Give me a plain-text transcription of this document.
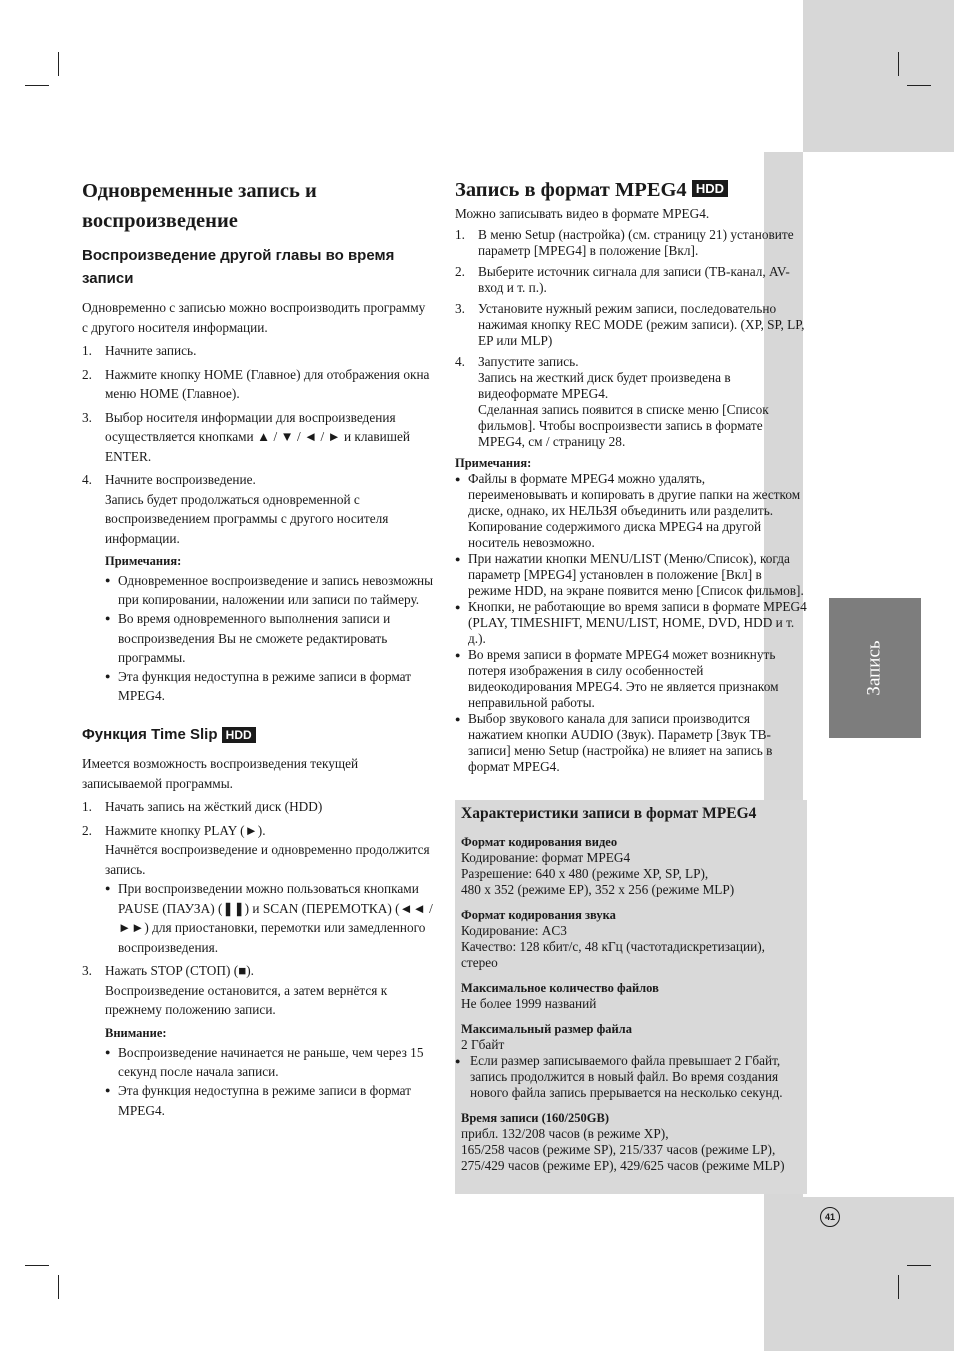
Запись
Одновременные запись и воспроизведение
Воспроизведение другой главы во время записи

Одновременно с записью можно воспроизводить программу с другого носителя информации.

1. Начните запись.
2. Нажмите кнопку HOME (Главное) для отображения окна меню HOME (Главное).
3. Выбор носителя информации для воспроизведения осуществляется кнопками ▲ / ▼ / ◄ / ► и клавишей ENTER.
4. Начните воспроизведение.
Запись будет продолжаться одновременной с воспроизведением программы с другого носителя информации.
Примечания:
● Одновременное воспроизведение и запись невозможны при копировании, наложении или записи по таймеру.
● Во время одновременного выполнения записи и воспроизведения Вы не сможете редактировать программы.
● Эта функция недоступна в режиме записи в формат MPEG4.
Функция Time Slip HDD

Имеется возможность воспроизведения текущей записываемой программы.

1. Начать запись на жёсткий диск (HDD)
2. Нажмите кнопку PLAY (►).
Начнётся воспроизведение и одновременно продолжится запись.
● При воспроизведении можно пользоваться кнопками PAUSE (ПАУЗА) (❚❚) и SCAN (ПЕРЕМОТКА) (◄◄ / ►►) для приостановки, перемотки или замедленного воспроизведения.
3. Нажать STOP (СТОП) (■).
Воспроизведение остановится, а затем вернётся к прежнему положению записи.
Внимание:
● Воспроизведение начинается не раньше, чем через 15 секунд после начала записи.
● Эта функция недоступна в режиме записи в формат MPEG4.
Запись в формат MPEG4 HDD

Можно записывать видео в формате MPEG4.

1. В меню Setup (настройка) (см. страницу 21) установите параметр [MPEG4] в положение [Вкл].
2. Выберите источник сигнала для записи (ТВ-канал, AV-вход и т. п.).
3. Установите нужный режим записи, последовательно нажимая кнопку REC MODE (режим записи). (XP, SP, LP, EP или MLP)
4. Запустите запись.
Запись на жесткий диск будет произведена в видеоформате MPEG4.
Сделанная запись появится в списке меню [Список фильмов]. Чтобы воспроизвести запись в формате MPEG4, см / страницу 28.
Примечания:
● Файлы в формате MPEG4 можно удалять, переименовывать и копировать в другие папки на жестком диске, однако, их НЕЛЬЗЯ объединить или разделить. Копирование содержимого диска MPEG4 на другой носитель невозможно.
● При нажатии кнопки MENU/LIST (Меню/Список), когда параметр [MPEG4] установлен в положение [Вкл] в режиме HDD, на экране появится меню [Список фильмов].
● Кнопки, не работающие во время записи в формате MPEG4 (PLAY, TIMESHIFT, MENU/LIST, HOME, DVD, HDD и т. д.).
● Во время записи в формате MPEG4 может возникнуть потеря изображения в силу особенностей видеокодирования MPEG4. Это не является признаком неправильной работы.
● Выбор звукового канала для записи производится нажатием кнопки AUDIO (Звук). Параметр [Звук ТВ-записи] меню Setup (настройка) не влияет на запись в формат MPEG4.
Характеристики записи в формат MPEG4
Формат кодирования видео
Кодирование: формат MPEG4
Разрешение: 640 x 480 (режиме XP, SP, LP),
480 x 352 (режиме EP), 352 x 256 (режиме MLP)
Формат кодирования звука
Кодирование: AC3
Качество: 128 кбит/с, 48 кГц (частотадискретизации), стерео
Максимальное количество файлов
Не более 1999 названий
Максимальный размер файла
2 Гбайт
● Если размер записываемого файла превышает 2 Гбайт, запись продолжится в новый файл. Во время создания нового файла запись прерывается на несколько секунд.
Время записи (160/250GB)
прибл. 132/208 часов (в режиме XP),
165/258 часов (режиме SP), 215/337 часов (режиме LP),
275/429 часов (режиме EP), 429/625 часов (режиме MLP)
41
